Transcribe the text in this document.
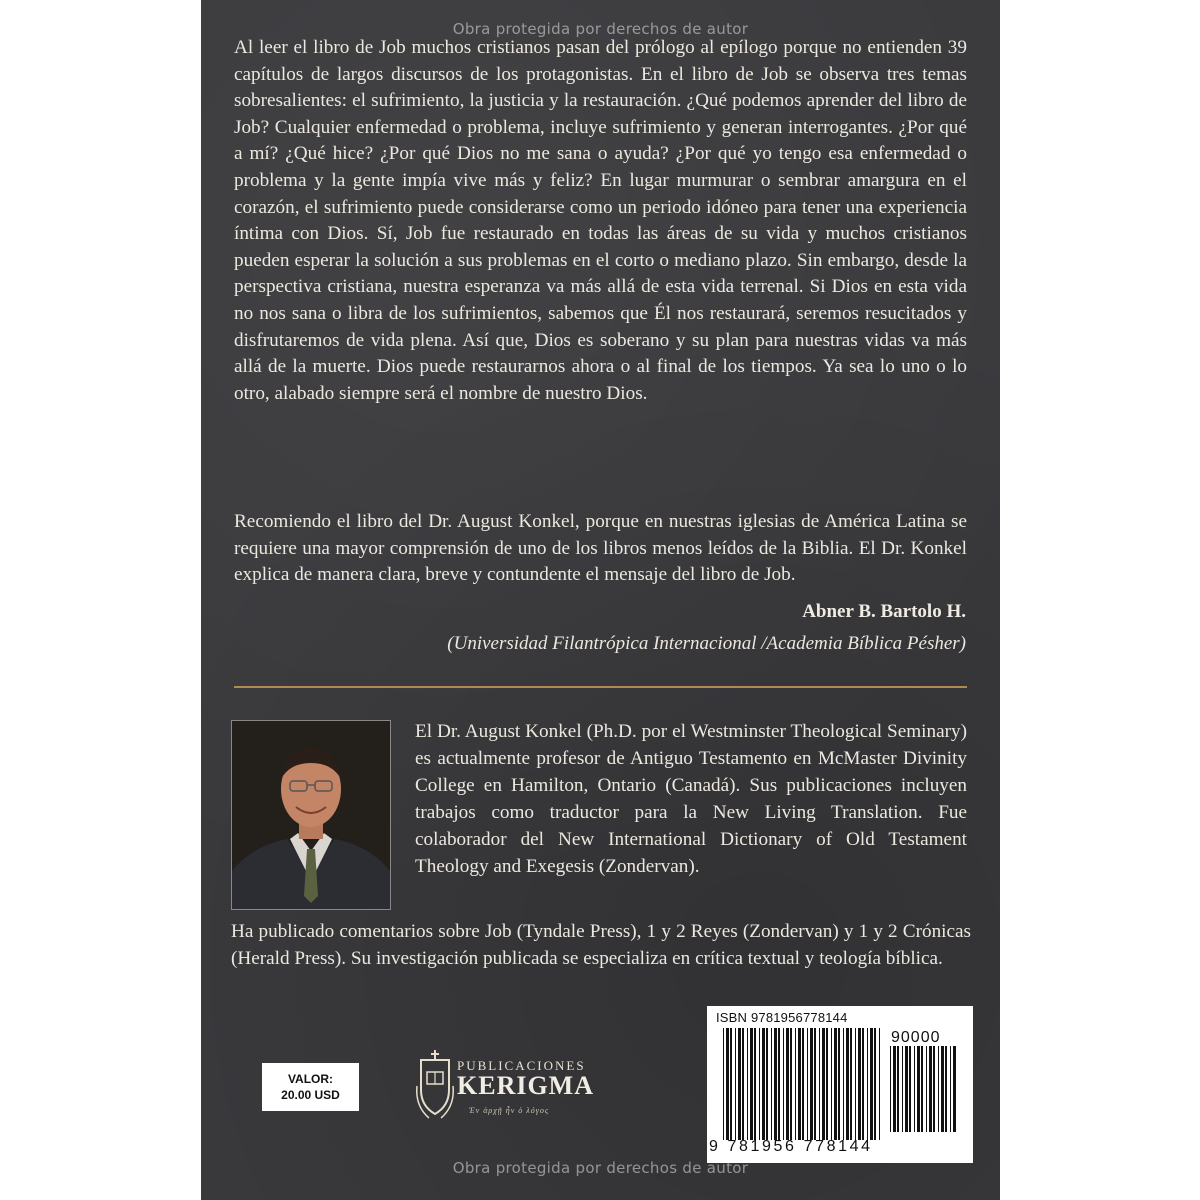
Obra protegida por derechos de autor

Al leer el libro de Job muchos cristianos pasan del prólogo al epílogo porque no entienden 39 capítulos de largos discursos de los protagonistas. En el libro de Job se observa tres temas sobresalientes: el sufrimiento, la justicia y la restauración. ¿Qué podemos aprender del libro de Job? Cualquier enfermedad o problema, incluye sufrimiento y generan interrogantes. ¿Por qué a mí? ¿Qué hice? ¿Por qué Dios no me sana o ayuda? ¿Por qué yo tengo esa enfermedad o problema y la gente impía vive más y feliz? En lugar murmurar o sembrar amargura en el corazón, el sufrimiento puede considerarse como un periodo idóneo para tener una experiencia íntima con Dios. Sí, Job fue restaurado en todas las áreas de su vida y muchos cristianos pueden esperar la solución a sus problemas en el corto o mediano plazo. Sin embargo, desde la perspectiva cristiana, nuestra esperanza va más allá de esta vida terrenal. Si Dios en esta vida no nos sana o libra de los sufrimientos, sabemos que Él nos restaurará, seremos resucitados y disfrutaremos de vida plena. Así que, Dios es soberano y su plan para nuestras vidas va más allá de la muerte. Dios puede restaurarnos ahora o al final de los tiempos. Ya sea lo uno o lo otro, alabado siempre será el nombre de nuestro Dios.

Recomiendo el libro del Dr. August Konkel, porque en nuestras iglesias de América Latina se requiere una mayor comprensión de uno de los libros menos leídos de la Biblia. El Dr. Konkel explica de manera clara, breve y contundente el mensaje del libro de Job.

Abner B. Bartolo H.
(Universidad Filantrópica Internacional /Academia Bíblica Pésher)

El Dr. August Konkel (Ph.D. por el Westminster Theological Seminary) es actualmente profesor de Antiguo Testamento en McMaster Divinity College en Hamilton, Ontario (Canadá). Sus publicaciones incluyen trabajos como traductor para la New Living Translation. Fue colaborador del New International Dictionary of Old Testament Theology and Exegesis (Zondervan).

Ha publicado comentarios sobre Job (Tyndale Press), 1 y 2 Reyes (Zondervan) y 1 y 2 Crónicas (Herald Press). Su investigación publicada se especializa en crítica textual y teología bíblica.

VALOR:
20.00 USD
PUBLICACIONES
KERIGMA
Ἐν ἀρχῇ ἦν ὁ λόγος
ISBN 9781956778144
90000
9 781956 778144
Obra protegida por derechos de autor
